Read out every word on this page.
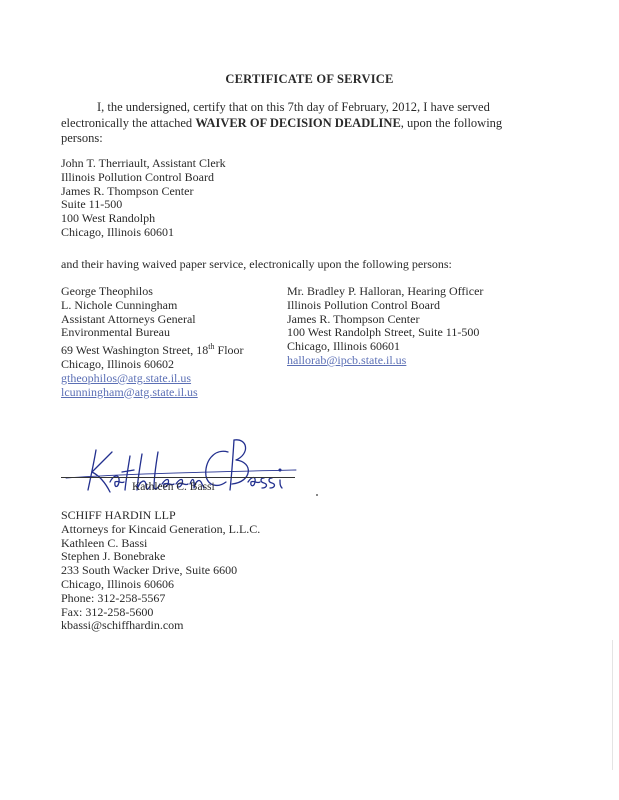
CERTIFICATE OF SERVICE
I, the undersigned, certify that on this 7th day of February, 2012, I have served electronically the attached WAIVER OF DECISION DEADLINE, upon the following persons:
John T. Therriault, Assistant Clerk
Illinois Pollution Control Board
James R. Thompson Center
Suite 11-500
100 West Randolph
Chicago, Illinois 60601
and their having waived paper service, electronically upon the following persons:
George Theophilos
L. Nichole Cunningham
Assistant Attorneys General
Environmental Bureau
69 West Washington Street, 18th Floor
Chicago, Illinois 60602
gtheophilos@atg.state.il.us
lcunningham@atg.state.il.us
Mr. Bradley P. Halloran, Hearing Officer
Illinois Pollution Control Board
James R. Thompson Center
100 West Randolph Street, Suite 11-500
Chicago, Illinois 60601
hallorab@ipcb.state.il.us
Kathleen C. Bassi
SCHIFF HARDIN LLP
Attorneys for Kincaid Generation, L.L.C.
Kathleen C. Bassi
Stephen J. Bonebrake
233 South Wacker Drive, Suite 6600
Chicago, Illinois 60606
Phone: 312-258-5567
Fax: 312-258-5600
kbassi@schiffhardin.com
